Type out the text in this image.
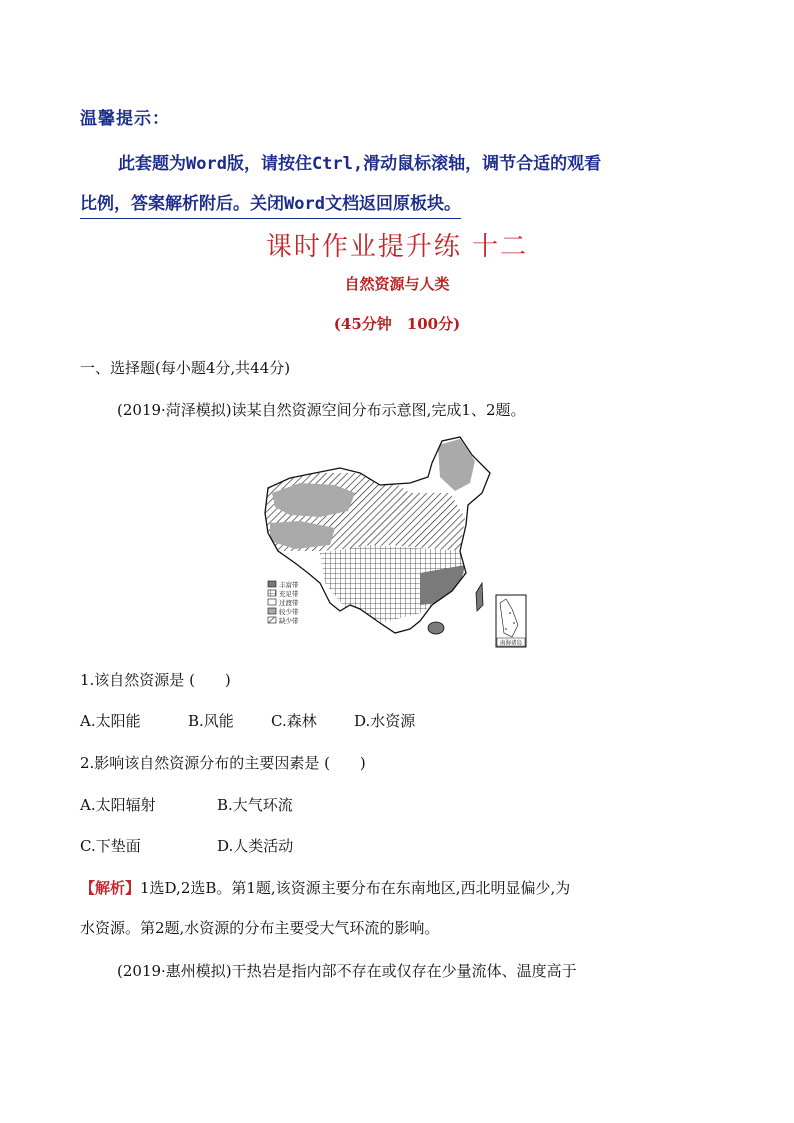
温馨提示：
此套题为Word版，请按住Ctrl,滑动鼠标滚轴，调节合适的观看
比例，答案解析附后。关闭Word文档返回原板块。
课时作业提升练 十二
自然资源与人类
(45分钟　100分)
一、选择题(每小题4分,共44分)
(2019·菏泽模拟)读某自然资源空间分布示意图,完成1、2题。
丰富带
充足带
过渡带
较少带
缺少带
南海诸岛
1.该自然资源是 (　　)
A.太阳能	B.风能 C.森林 D.水资源
2.影响该自然资源分布的主要因素是 (　　)
A.太阳辐射	B.大气环流
C.下垫面	D.人类活动
【解析】1选D,2选B。第1题,该资源主要分布在东南地区,西北明显偏少,为
水资源。第2题,水资源的分布主要受大气环流的影响。
(2019·惠州模拟)干热岩是指内部不存在或仅存在少量流体、温度高于
